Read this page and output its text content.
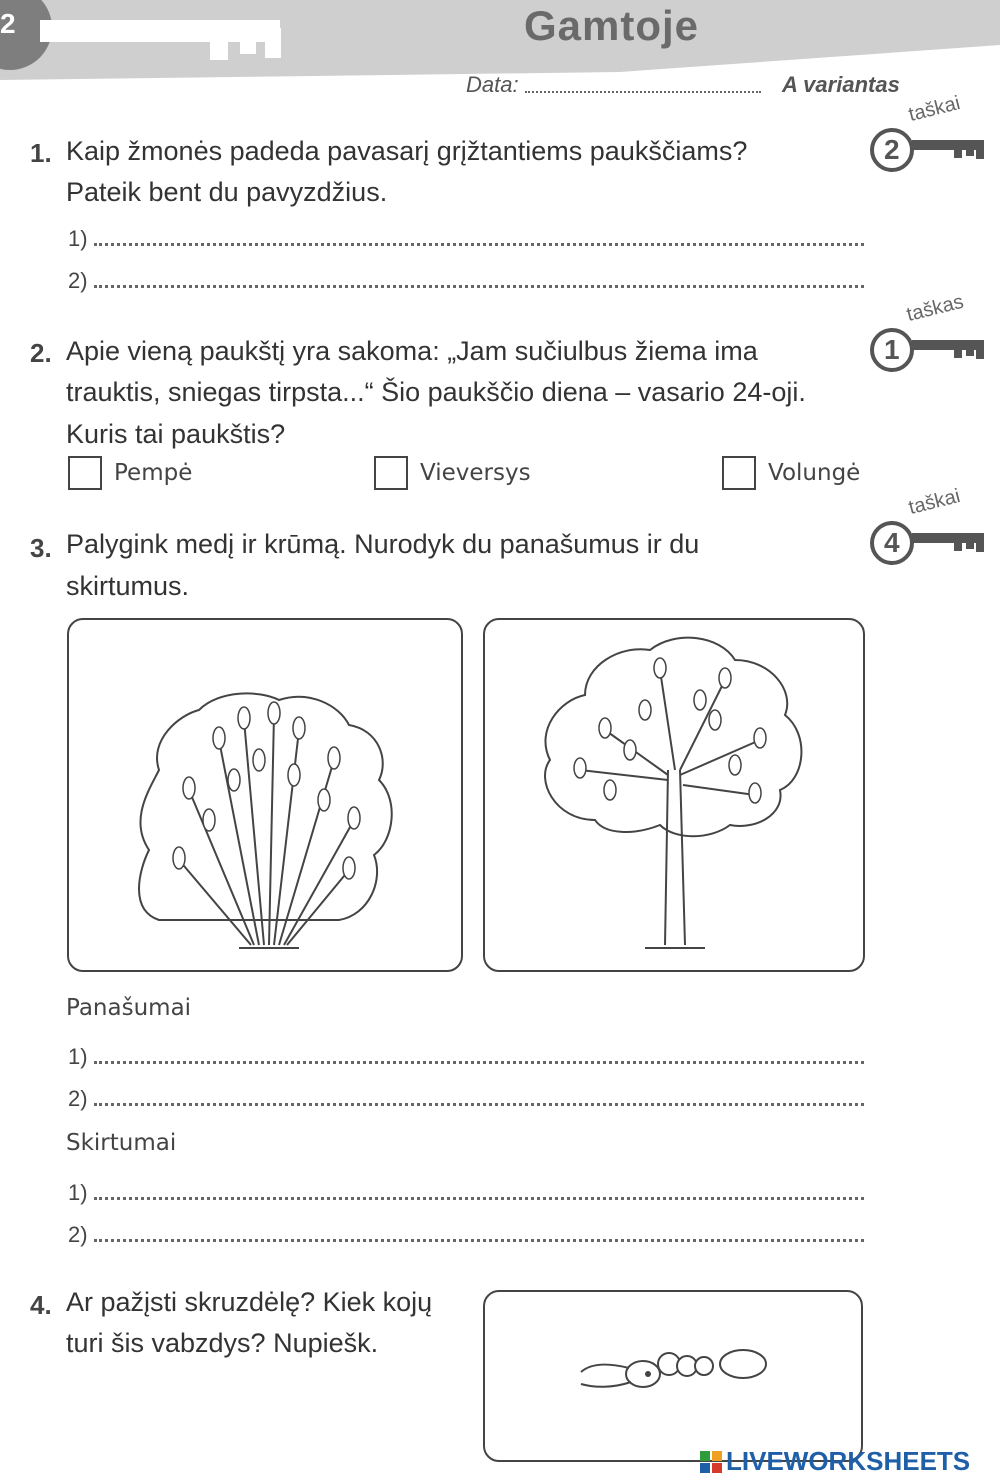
2	Gamtoje
Data:	A variantas
1. Kaip žmonės padeda pavasarį grįžtantiems paukščiams?
Pateik bent du pavyzdžius.
1)
2)
2
taškai
2. Apie vieną paukštį yra sakoma: „Jam sučiulbus žiema ima
trauktis, sniegas tirpsta...“ Šio paukščio diena – vasario 24-oji.
Kuris tai paukštis?
Pempė	Vieversys	Volungė
1
taškas
3. Palygink medį ir krūmą. Nurodyk du panašumus ir du
skirtumus.
4
taškai
Panašumai
1)
2)
Skirtumai
1)
2)
4. Ar pažįsti skruzdėlę? Kiek kojų
turi šis vabzdys? Nupiešk.
LIVEWORKSHEETS
